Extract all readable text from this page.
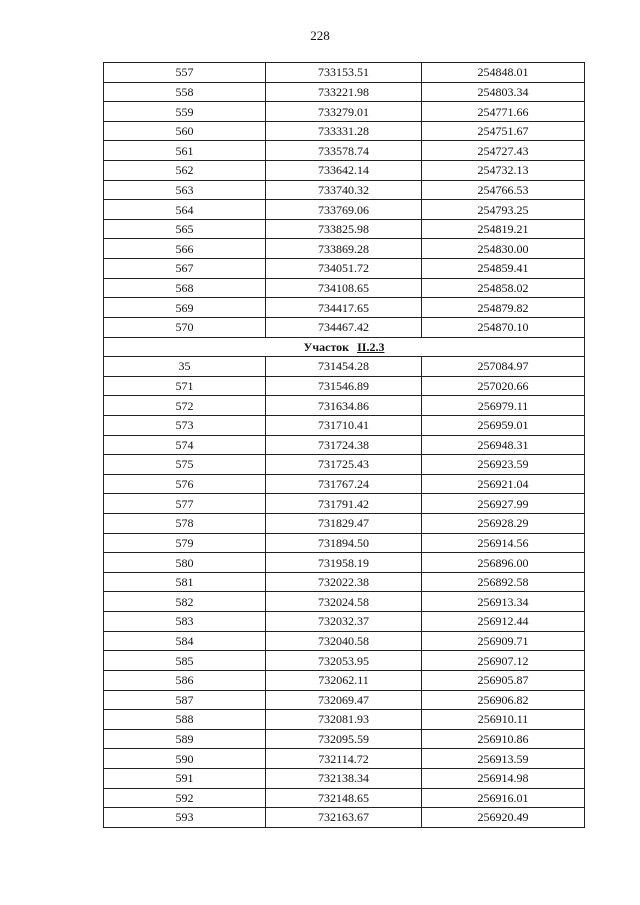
228
557	733153.51	254848.01
558	733221.98	254803.34
559	733279.01	254771.66
560	733331.28	254751.67
561	733578.74	254727.43
562	733642.14	254732.13
563	733740.32	254766.53
564	733769.06	254793.25
565	733825.98	254819.21
566	733869.28	254830.00
567	734051.72	254859.41
568	734108.65	254858.02
569	734417.65	254879.82
570	734467.42	254870.10
Участок II.2.3		
35	731454.28	257084.97
571	731546.89	257020.66
572	731634.86	256979.11
573	731710.41	256959.01
574	731724.38	256948.31
575	731725.43	256923.59
576	731767.24	256921.04
577	731791.42	256927.99
578	731829.47	256928.29
579	731894.50	256914.56
580	731958.19	256896.00
581	732022.38	256892.58
582	732024.58	256913.34
583	732032.37	256912.44
584	732040.58	256909.71
585	732053.95	256907.12
586	732062.11	256905.87
587	732069.47	256906.82
588	732081.93	256910.11
589	732095.59	256910.86
590	732114.72	256913.59
591	732138.34	256914.98
592	732148.65	256916.01
593	732163.67	256920.49
